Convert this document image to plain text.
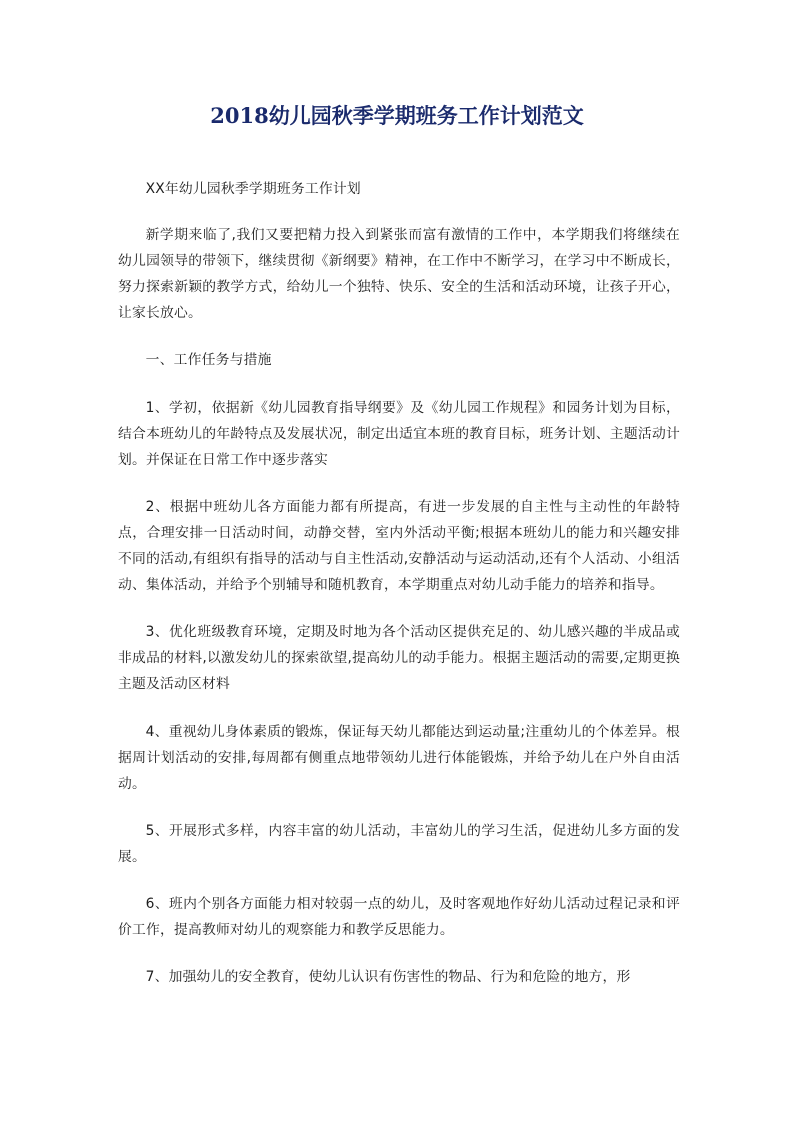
2018幼儿园秋季学期班务工作计划范文

XX年幼儿园秋季学期班务工作计划

新学期来临了,我们又要把精力投入到紧张而富有激情的工作中，本学期我们将继续在幼儿园领导的带领下，继续贯彻《新纲要》精神，在工作中不断学习，在学习中不断成长，努力探索新颖的教学方式，给幼儿一个独特、快乐、安全的生活和活动环境，让孩子开心，让家长放心。

一、工作任务与措施

1、学初，依据新《幼儿园教育指导纲要》及《幼儿园工作规程》和园务计划为目标，结合本班幼儿的年龄特点及发展状况，制定出适宜本班的教育目标，班务计划、主题活动计划。并保证在日常工作中逐步落实

2、根据中班幼儿各方面能力都有所提高，有进一步发展的自主性与主动性的年龄特点，合理安排一日活动时间，动静交替，室内外活动平衡;根据本班幼儿的能力和兴趣安排不同的活动,有组织有指导的活动与自主性活动,安静活动与运动活动,还有个人活动、小组活动、集体活动，并给予个别辅导和随机教育，本学期重点对幼儿动手能力的培养和指导。

3、优化班级教育环境，定期及时地为各个活动区提供充足的、幼儿感兴趣的半成品或非成品的材料,以激发幼儿的探索欲望,提高幼儿的动手能力。根据主题活动的需要,定期更换主题及活动区材料

4、重视幼儿身体素质的锻炼，保证每天幼儿都能达到运动量;注重幼儿的个体差异。根据周计划活动的安排,每周都有侧重点地带领幼儿进行体能锻炼，并给予幼儿在户外自由活动。

5、开展形式多样，内容丰富的幼儿活动，丰富幼儿的学习生活，促进幼儿多方面的发展。

6、班内个别各方面能力相对较弱一点的幼儿，及时客观地作好幼儿活动过程记录和评价工作，提高教师对幼儿的观察能力和教学反思能力。

7、加强幼儿的安全教育，使幼儿认识有伤害性的物品、行为和危险的地方，形
